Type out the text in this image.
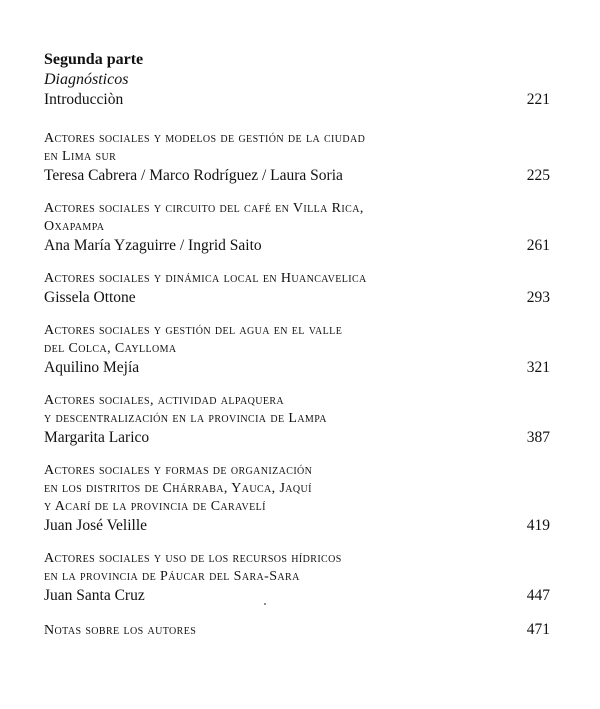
Segunda parte
Diagnósticos
Introducciòn	221
Actores sociales y modelos de gestión de la ciudad
en Lima sur
Teresa Cabrera / Marco Rodríguez / Laura Soria	225
Actores sociales y circuito del café en Villa Rica,
Oxapampa
Ana María Yzaguirre / Ingrid Saito	261
Actores sociales y dinámica local en Huancavelica
Gissela Ottone	293
Actores sociales y gestión del agua en el valle
del Colca, Caylloma
Aquilino Mejía	321
Actores sociales, actividad alpaquera
y descentralización en la provincia de Lampa
Margarita Larico	387
Actores sociales y formas de organización
en los distritos de Chárraba, Yauca, Jaquí
y Acarí de la provincia de Caravelí
Juan José Velille	419
Actores sociales y uso de los recursos hídricos
en la provincia de Páucar del Sara-Sara
Juan Santa Cruz	447
Notas sobre los autores	471
